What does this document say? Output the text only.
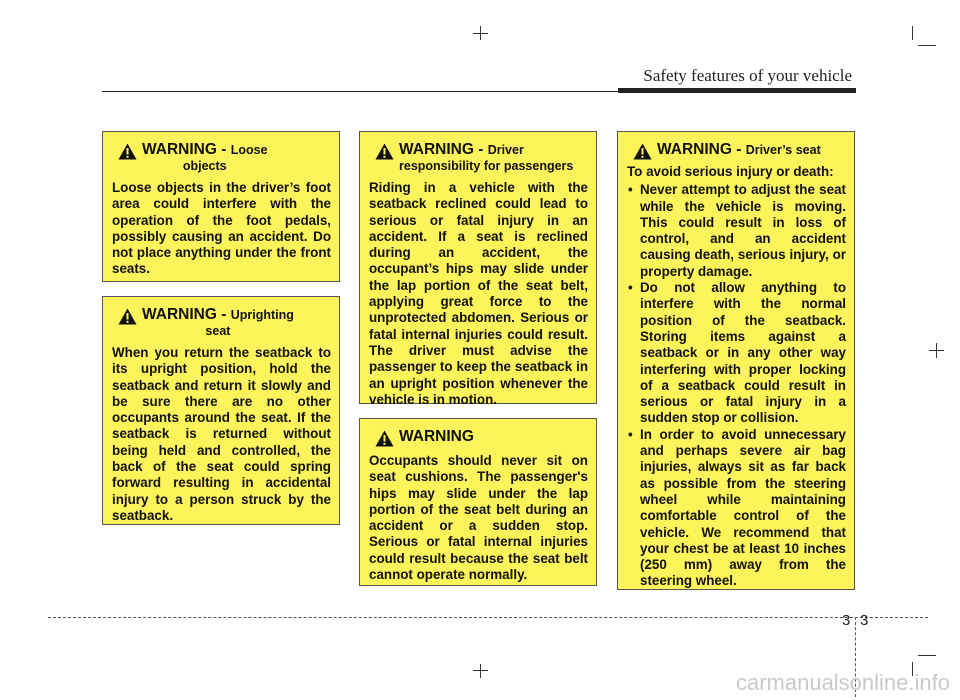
Safety features of your vehicle
WARNING - Loose
objects
Loose objects in the driver’s foot area could interfere with the operation of the foot pedals, possibly causing an accident. Do not place anything under the front seats.
WARNING - Uprighting
seat
When you return the seatback to its upright position, hold the seatback and return it slowly and be sure there are no other occupants around the seat. If the seatback is returned without being held and controlled, the back of the seat could spring forward resulting in accidental injury to a person struck by the seatback.
WARNING - Driver
responsibility for passengers
Riding in a vehicle with the seatback reclined could lead to serious or fatal injury in an accident. If a seat is reclined during an accident, the occupant’s hips may slide under the lap portion of the seat belt, applying great force to the unprotected abdomen. Serious or fatal internal injuries could result. The driver must advise the passenger to keep the seatback in an upright position whenever the vehicle is in motion.
WARNING
Occupants should never sit on seat cushions. The passenger's hips may slide under the lap portion of the seat belt during an accident or a sudden stop. Serious or fatal internal injuries could result because the seat belt cannot operate normally.
WARNING - Driver’s seat
To avoid serious injury or death:
• Never attempt to adjust the seat while the vehicle is moving. This could result in loss of control, and an accident causing death, serious injury, or property damage.
• Do not allow anything to interfere with the normal position of the seatback. Storing items against a seatback or in any other way interfering with proper locking of a seatback could result in serious or fatal injury in a sudden stop or collision.
• In order to avoid unnecessary and perhaps severe air bag injuries, always sit as far back as possible from the steering wheel while maintaining comfortable control of the vehicle. We recommend that your chest be at least 10 inches (250 mm) away from the steering wheel.
3 3
carmanualsonline.info
